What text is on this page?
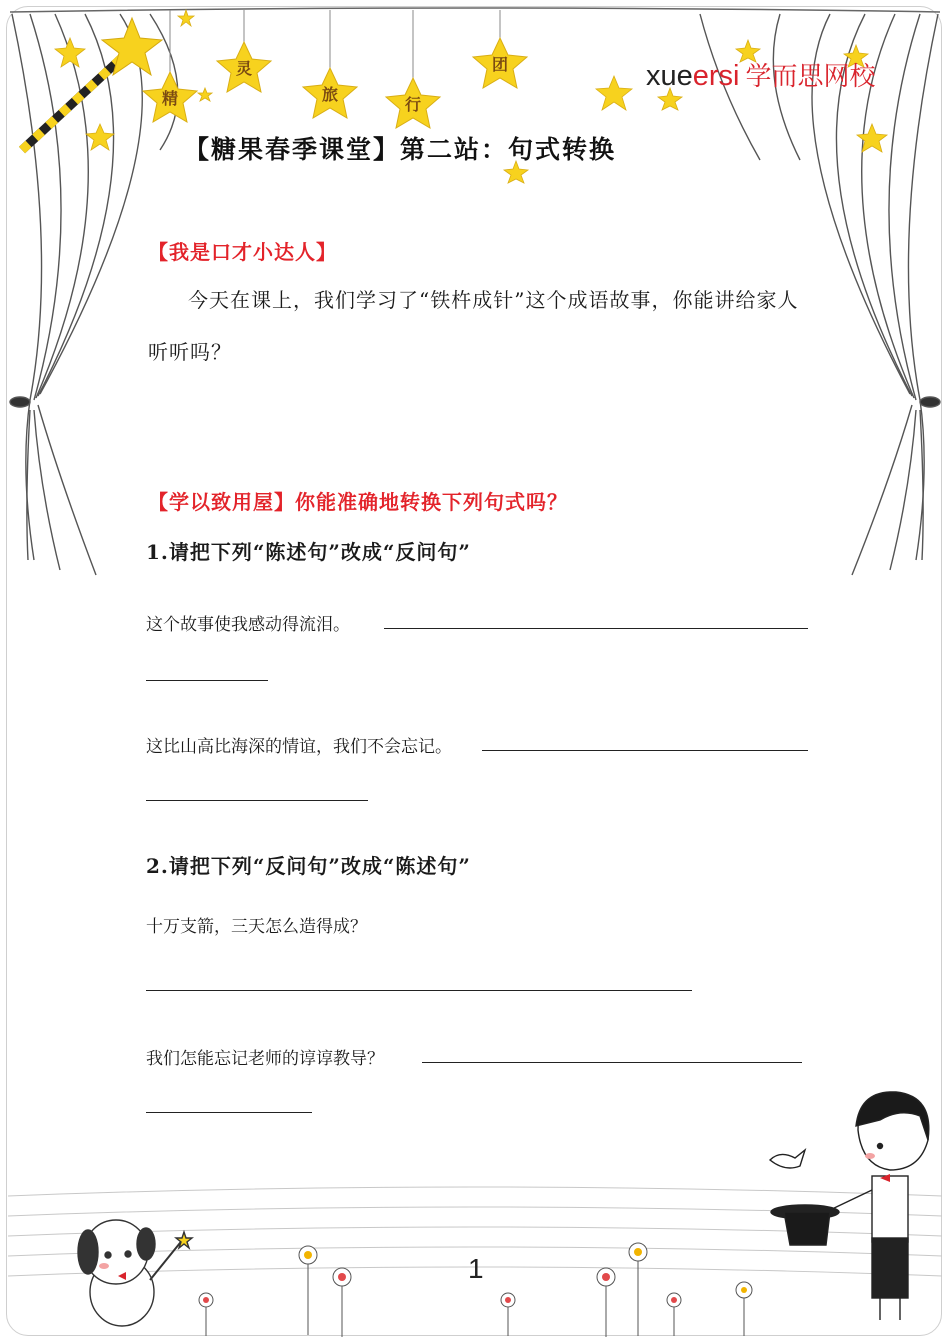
精
灵
旅
行
团	xueersi 学而思网校
【糖果春季课堂】第二站：句式转换
【我是口才小达人】
今天在课上，我们学习了“铁杵成针”这个成语故事，你能讲给家人听听吗？
【学以致用屋】你能准确地转换下列句式吗？
1.请把下列“陈述句”改成“反问句”
这个故事使我感动得流泪。
这比山高比海深的情谊，我们不会忘记。
2.请把下列“反问句”改成“陈述句”
十万支箭，三天怎么造得成？
我们怎能忘记老师的谆谆教导？
1
